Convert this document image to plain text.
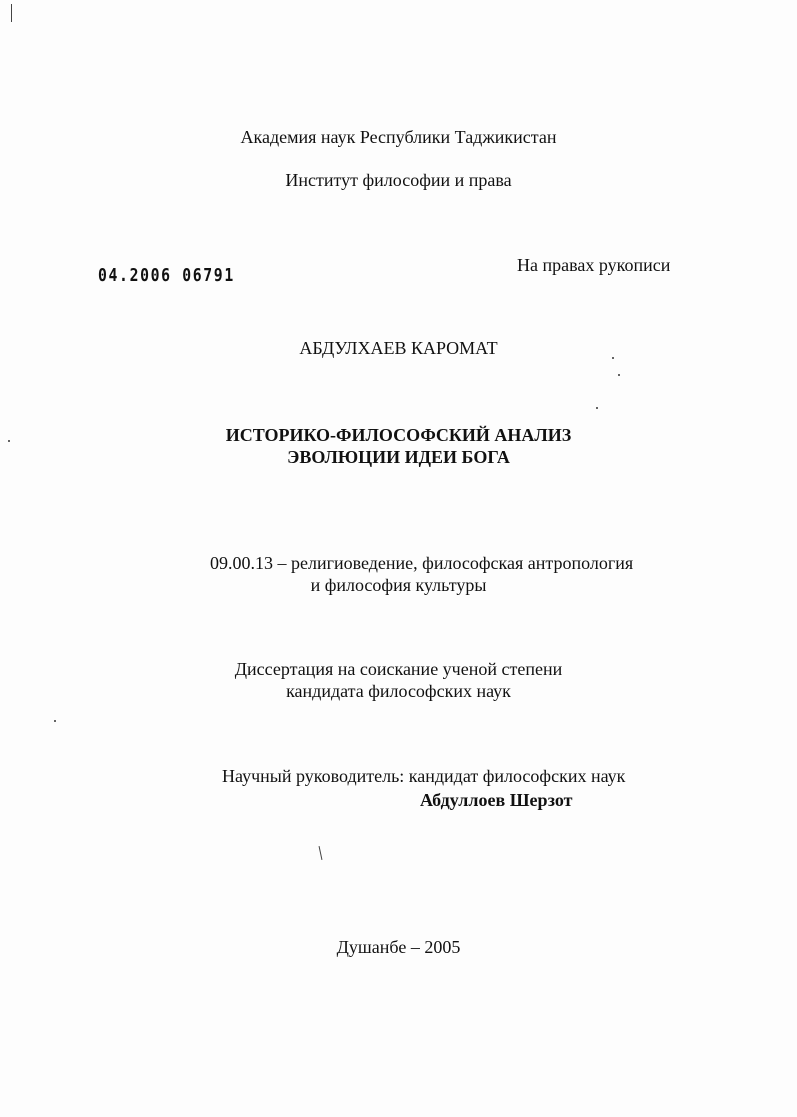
Академия наук Республики Таджикистан
Институт философии и права
04.2006 06791	На правах рукописи
АБДУЛХАЕВ КАРОМАТ
ИСТОРИКО-ФИЛОСОФСКИЙ АНАЛИЗ
ЭВОЛЮЦИИ ИДЕИ БОГА
09.00.13 – религиоведение, философская антропология
и философия культуры
Диссертация на соискание ученой степени
кандидата философских наук
Научный руководитель: кандидат философских наук
Абдуллоев Шерзот
Душанбе – 2005
